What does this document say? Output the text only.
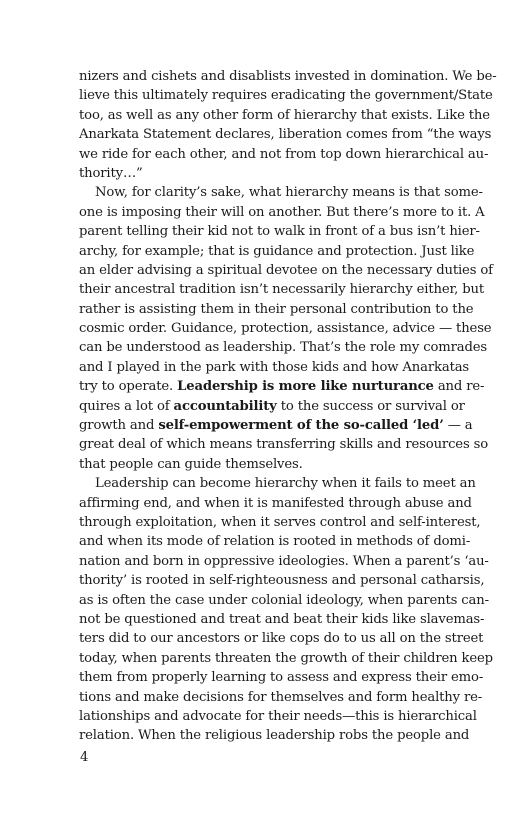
nizers and cishets and disablists invested in domination. We be-
lieve this ultimately requires eradicating the government/State
too, as well as any other form of hierarchy that exists. Like the
Anarkata Statement declares, liberation comes from “the ways
we ride for each other, and not from top down hierarchical au-
thority…”
Now, for clarity’s sake, what hierarchy means is that some-
one is imposing their will on another. But there’s more to it. A
parent telling their kid not to walk in front of a bus isn’t hier-
archy, for example; that is guidance and protection. Just like
an elder advising a spiritual devotee on the necessary duties of
their ancestral tradition isn’t necessarily hierarchy either, but
rather is assisting them in their personal contribution to the
cosmic order. Guidance, protection, assistance, advice — these
can be understood as leadership. That’s the role my comrades
and I played in the park with those kids and how Anarkatas
try to operate. Leadership is more like nurturance and re-
quires a lot of accountability to the success or survival or
growth and self-empowerment of the so-called ‘led’ — a
great deal of which means transferring skills and resources so
that people can guide themselves.
Leadership can become hierarchy when it fails to meet an
affirming end, and when it is manifested through abuse and
through exploitation, when it serves control and self-interest,
and when its mode of relation is rooted in methods of domi-
nation and born in oppressive ideologies. When a parent’s ‘au-
thority’ is rooted in self-righteousness and personal catharsis,
as is often the case under colonial ideology, when parents can-
not be questioned and treat and beat their kids like slavemas-
ters did to our ancestors or like cops do to us all on the street
today, when parents threaten the growth of their children keep
them from properly learning to assess and express their emo-
tions and make decisions for themselves and form healthy re-
lationships and advocate for their needs—this is hierarchical
relation. When the religious leadership robs the people and
4
